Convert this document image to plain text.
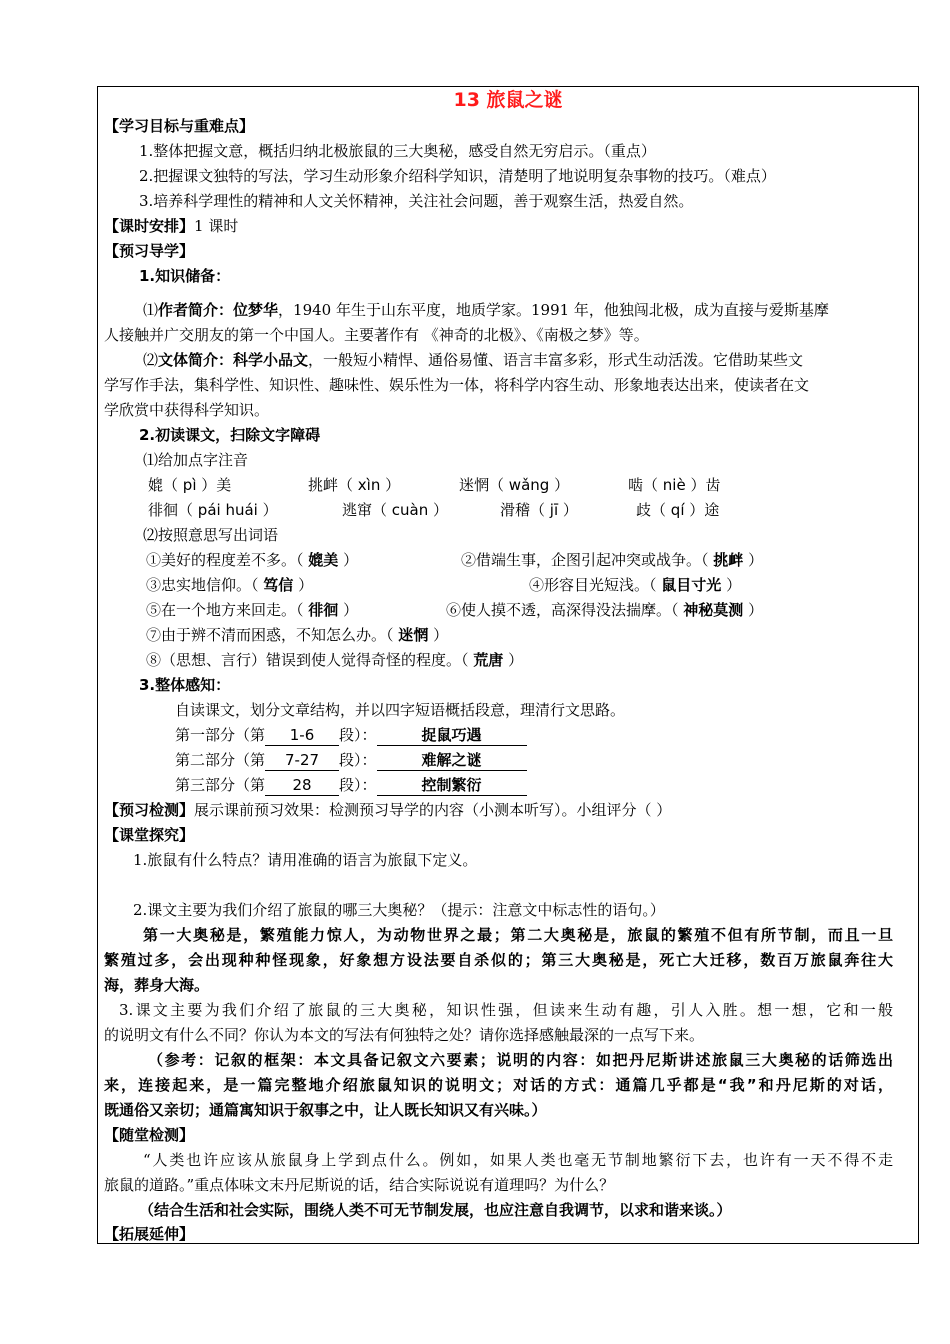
13 旅鼠之谜
【学习目标与重难点】
1.整体把握文意，概括归纳北极旅鼠的三大奥秘，感受自然无穷启示。（重点）
2.把握课文独特的写法，学习生动形象介绍科学知识，清楚明了地说明复杂事物的技巧。（难点）
3.培养科学理性的精神和人文关怀精神，关注社会问题，善于观察生活，热爱自然。
【课时安排】1 课时
【预习导学】
1.知识储备：
⑴作者简介：位梦华，1940 年生于山东平度，地质学家。1991 年，他独闯北极，成为直接与爱斯基摩
人接触并广交朋友的第一个中国人。主要著作有 《神奇的北极》、《南极之梦》等。
⑵文体简介：科学小品文，一般短小精悍、通俗易懂、语言丰富多彩，形式生动活泼。它借助某些文
学写作手法，集科学性、知识性、趣味性、娱乐性为一体，将科学内容生动、形象地表达出来，使读者在文
学欣赏中获得科学知识。
2.初读课文，扫除文字障碍
⑴给加点字注音
媲（ pì ）美	挑衅（ xìn ）	迷惘（ wǎng ）	啮（ niè ）齿
徘徊（ pái huái ）	逃窜（ cuàn ）	滑稽（ jī ）	歧（ qí ）途
⑵按照意思写出词语
①美好的程度差不多。（ 媲美 ）	②借端生事，企图引起冲突或战争。（ 挑衅 ）
③忠实地信仰。（ 笃信 ）	④形容目光短浅。（ 鼠目寸光 ）
⑤在一个地方来回走。（ 徘徊 ）	⑥使人摸不透，高深得没法揣摩。（ 神秘莫测 ）
⑦由于辨不清而困惑，不知怎么办。（ 迷惘 ）
⑧（思想、言行）错误到使人觉得奇怪的程度。（ 荒唐 ）
3.整体感知：
自读课文，划分文章结构，并以四字短语概括段意，理清行文思路。
第一部分（第 1-6 段）：	捉鼠巧遇
第二部分（第 7-27 段）：	难解之谜
第三部分（第 28 段）：	控制繁衍
【预习检测】展示课前预习效果：检测预习导学的内容（小测本听写）。小组评分（ ）
【课堂探究】
1.旅鼠有什么特点？请用准确的语言为旅鼠下定义。
2.课文主要为我们介绍了旅鼠的哪三大奥秘？（提示：注意文中标志性的语句。）
第一大奥秘是，繁殖能力惊人，为动物世界之最；第二大奥秘是，旅鼠的繁殖不但有所节制，而且一旦
繁殖过多，会出现种种怪现象，好象想方设法要自杀似的；第三大奥秘是，死亡大迁移，数百万旅鼠奔往大
海，葬身大海。
3.课文主要为我们介绍了旅鼠的三大奥秘，知识性强，但读来生动有趣，引人入胜。想一想，它和一般
的说明文有什么不同？你认为本文的写法有何独特之处？请你选择感触最深的一点写下来。
（参考：记叙的框架：本文具备记叙文六要素；说明的内容：如把丹尼斯讲述旅鼠三大奥秘的话筛选出
来，连接起来，是一篇完整地介绍旅鼠知识的说明文；对话的方式：通篇几乎都是“我”和丹尼斯的对话，
既通俗又亲切；通篇寓知识于叙事之中，让人既长知识又有兴味。）
【随堂检测】
“人类也许应该从旅鼠身上学到点什么。例如，如果人类也毫无节制地繁衍下去，也许有一天不得不走
旅鼠的道路。”重点体味文末丹尼斯说的话，结合实际说说有道理吗？为什么？
（结合生活和社会实际，围绕人类不可无节制发展，也应注意自我调节，以求和谐来谈。）
【拓展延伸】
